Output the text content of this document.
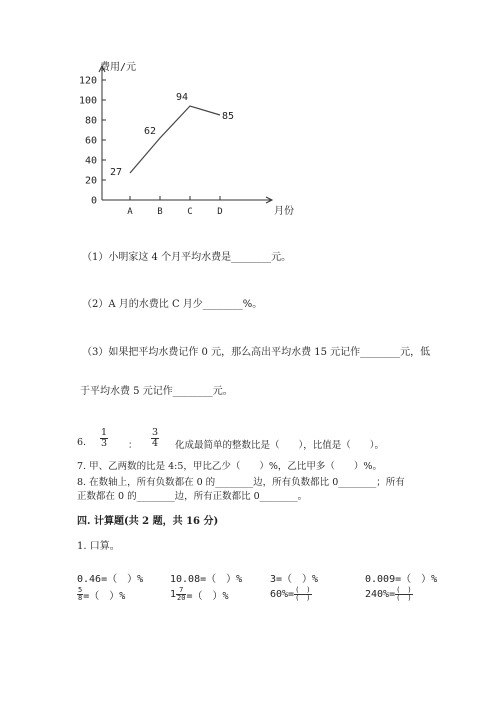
0
20
40
60
80
100
120
费用/元
月份
A	B	C	D
27
62
94
85
（1）小明家这 4 个月平均水费是________元。
（2）A 月的水费比 C 月少________%。
（3）如果把平均水费记作 0 元，那么高出平均水费 15 元记作________元，低
于平均水费 5 元记作________元。
6. $\frac{1}{3}$ ： $\frac{3}{4}$ 化成最简单的整数比是（　　），比值是（　　）。
7. 甲、乙两数的比是 4:5，甲比乙少（　　）%，乙比甲多（　　）%。
8. 在数轴上，所有负数都在 0 的________边，所有负数都比 0________；所有
正数都在 0 的________边，所有正数都比 0________。
四. 计算题(共 2 题，共 16 分)
1. 口算。
0.46=（　）%	10.08=（　）%	3=（　）%	0.009=（　）%
$\frac{5}{8}$ =（　）%	$1 \frac{7}{20}$ =（　）%	$60\%= \frac{( )}{( )}$	$240\%= \frac{( )}{( )}$
